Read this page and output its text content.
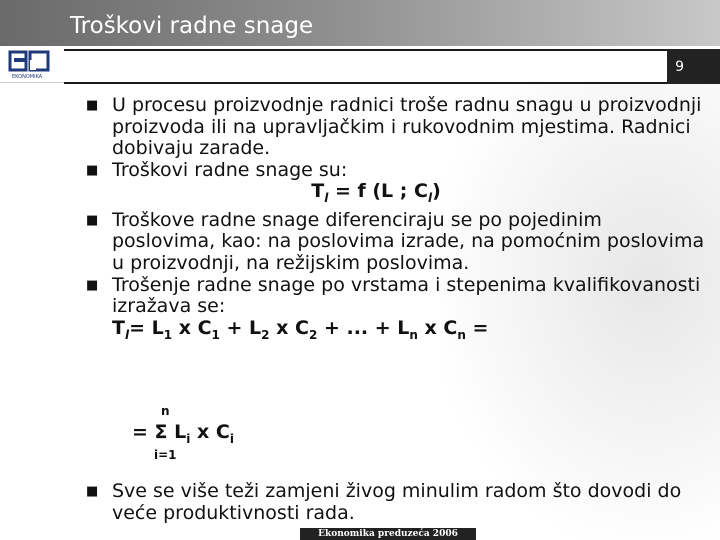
Troškovi radne snage
EKONOMIKA
9
■ U procesu proizvodnje radnici troše radnu snagu u proizvodnji proizvoda ili na upravljačkim i rukovodnim mjestima. Radnici dobivaju zarade.
■ Troškovi radne snage su:
$T_l = f$ (L ; $C_l$)
■ Troškove radne snage diferenciraju se po pojedinim poslovima, kao: na poslovima izrade, na pomoćnim poslovima u proizvodnji, na režijskim poslovima.
■ Trošenje radne snage po vrstama i stepenima kvalifikovanosti izražava se:
$T_l= L_1$ x $C_1 + L_2$ x $C_2$ + ... + $L_n$ x $C_n$ =
n
= Σ $L_i$ x $C_i$
i=1
■ Sve se više teži zamjeni živog minulim radom što dovodi do veće produktivnosti rada.
Ekonomika preduzeća 2006
